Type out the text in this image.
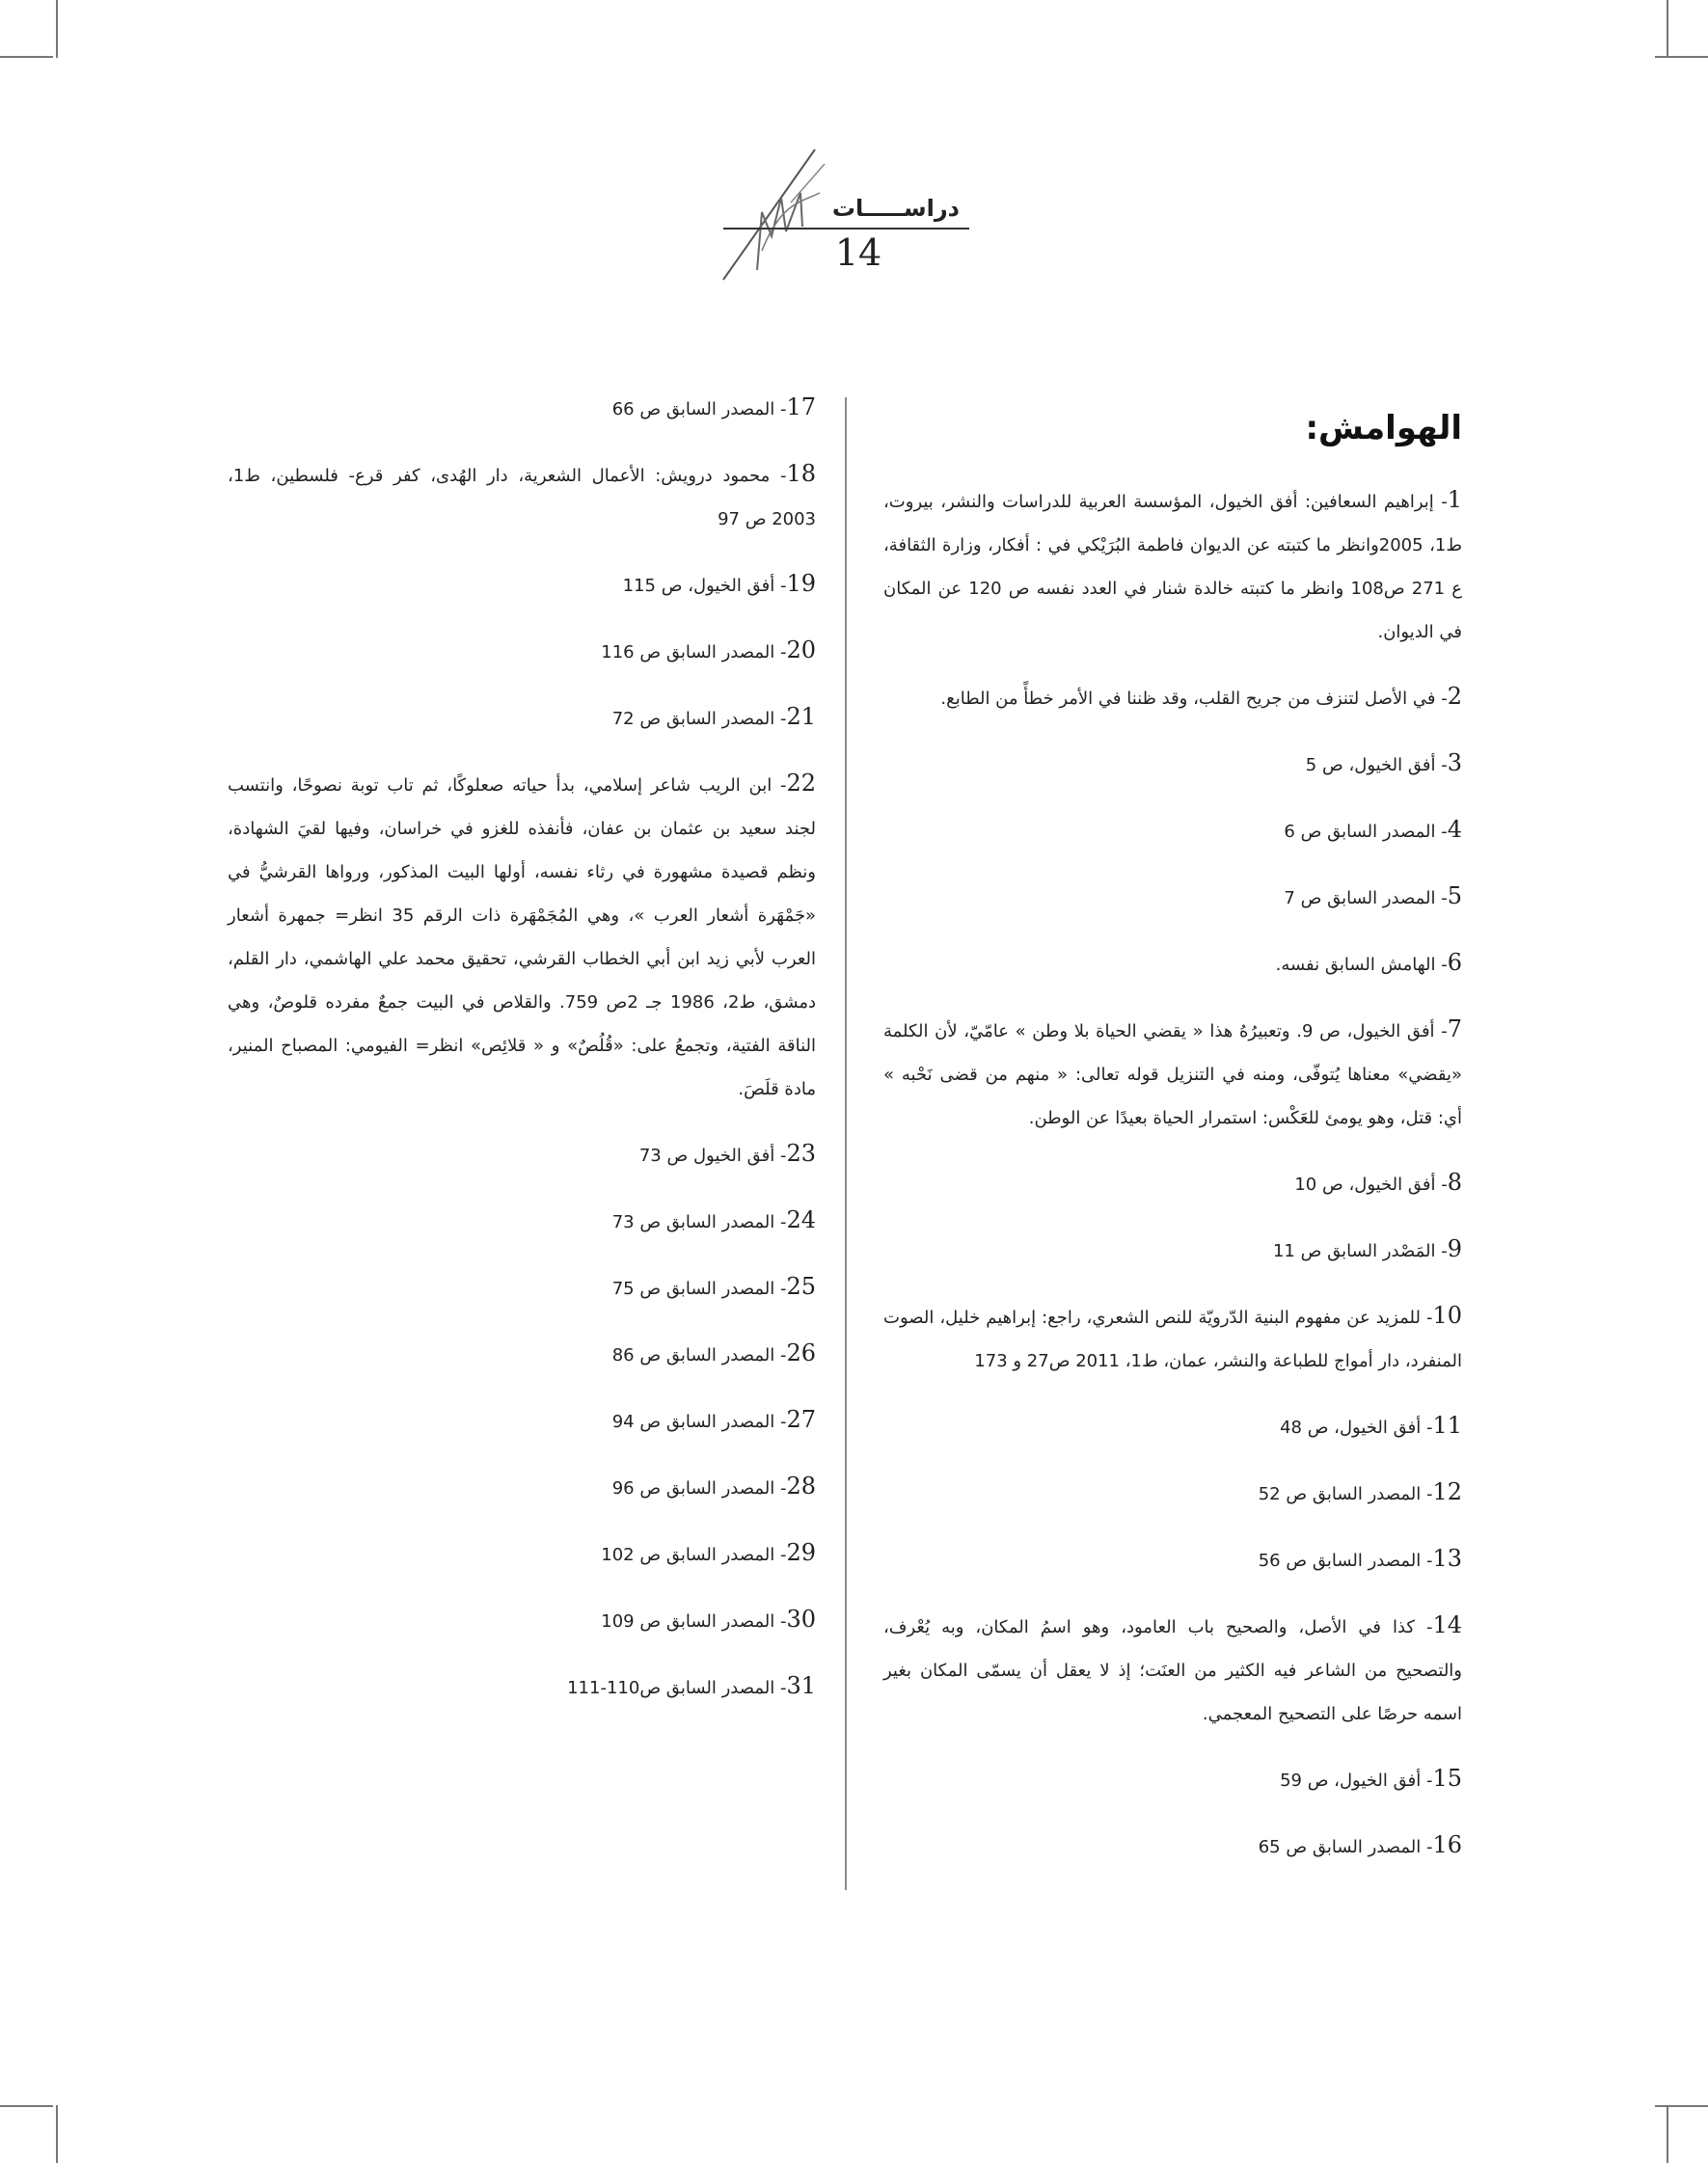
دراســـــات
14
الهوامش:

1- إبراهيم السعافين: أفق الخيول، المؤسسة العربية للدراسات والنشر، بيروت، ط1، 2005وانظر ما كتبته عن الديوان فاطمة البُرَيْكي في : أفكار، وزارة الثقافة، ع 271 ص108 وانظر ما كتبته خالدة شنار في العدد نفسه ص 120 عن المكان في الديوان.

2- في الأصل لتنزف من جريح القلب، وقد ظننا في الأمر خطأً من الطابع.

3- أفق الخيول، ص 5

4- المصدر السابق ص 6

5- المصدر السابق ص 7

6- الهامش السابق نفسه.

7- أفق الخيول، ص 9. وتعبيرُهُ هذا « يقضي الحياة بلا وطن » عامّيّ، لأن الكلمة «يقضي» معناها يُتوفّى، ومنه في التنزيل قوله تعالى: « منهم من قضى نَحْبه » أي: قتل، وهو يومئ للعَكْس: استمرار الحياة بعيدًا عن الوطن.

8- أفق الخيول، ص 10

9- المَصْدر السابق ص 11

10- للمزيد عن مفهوم البنية الدّرويّة للنص الشعري، راجع: إبراهيم خليل، الصوت المنفرد، دار أمواج للطباعة والنشر، عمان، ط1، 2011 ص27 و 173

11- أفق الخيول، ص 48

12- المصدر السابق ص 52

13- المصدر السابق ص 56

14- كذا في الأصل، والصحيح باب العامود، وهو اسمُ المكان، وبه يُعْرف، والتصحيح من الشاعر فيه الكثير من العنَت؛ إذ لا يعقل أن يسمّى المكان بغير اسمه حرصًا على التصحيح المعجمي.

15- أفق الخيول، ص 59

16- المصدر السابق ص 65

17- المصدر السابق ص 66

18- محمود درويش: الأعمال الشعرية، دار الهُدى، كفر قرع- فلسطين، ط1، 2003 ص 97

19- أفق الخيول، ص 115

20- المصدر السابق ص 116

21- المصدر السابق ص 72

22- ابن الريب شاعر إسلامي، بدأ حياته صعلوكًا، ثم تاب توبة نصوحًا، وانتسب لجند سعيد بن عثمان بن عفان، فأنفذه للغزو في خراسان، وفيها لقيَ الشهادة، ونظم قصيدة مشهورة في رثاء نفسه، أولها البيت المذكور، ورواها القرشيُّ في «جَمْهَرة أشعار العرب »، وهي المُجَمْهَرة ذات الرقم 35 انظر= جمهرة أشعار العرب لأبي زيد ابن أبي الخطاب القرشي، تحقيق محمد علي الهاشمي، دار القلم، دمشق، ط2، 1986 جـ 2ص 759. والقلاص في البيت جمعٌ مفرده قلوصٌ، وهي الناقة الفتية، وتجمعُ على: «قُلُصٌ» و « قلائِص» انظر= الفيومي: المصباح المنير، مادة قلَصَ.

23- أفق الخيول ص 73

24- المصدر السابق ص 73

25- المصدر السابق ص 75

26- المصدر السابق ص 86

27- المصدر السابق ص 94

28- المصدر السابق ص 96

29- المصدر السابق ص 102

30- المصدر السابق ص 109

31- المصدر السابق ص110-111
